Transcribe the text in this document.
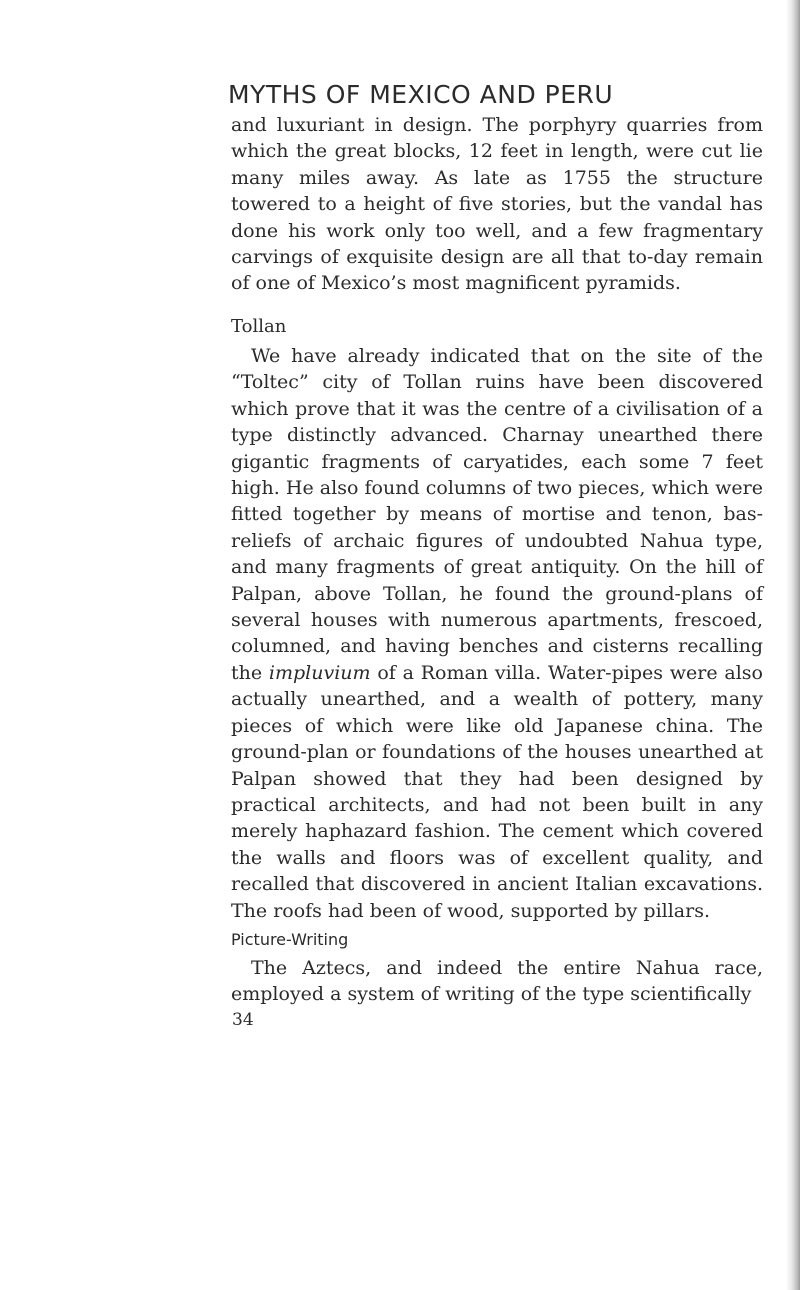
MYTHS OF MEXICO AND PERU

and luxuriant in design. The porphyry quarries from which the great blocks, 12 feet in length, were cut lie many miles away. As late as 1755 the structure towered to a height of five stories, but the vandal has done his work only too well, and a few fragmentary carvings of exquisite design are all that to-day remain of one of Mexico’s most magnificent pyramids.

Tollan

We have already indicated that on the site of the “Toltec” city of Tollan ruins have been discovered which prove that it was the centre of a civilisation of a type distinctly advanced. Charnay unearthed there gigantic fragments of caryatides, each some 7 feet high. He also found columns of two pieces, which were fitted together by means of mortise and tenon, bas-reliefs of archaic figures of undoubted Nahua type, and many fragments of great antiquity. On the hill of Palpan, above Tollan, he found the ground-plans of several houses with numerous apartments, frescoed, columned, and having benches and cisterns recalling the impluvium of a Roman villa. Water-pipes were also actually unearthed, and a wealth of pottery, many pieces of which were like old Japanese china. The ground-plan or foundations of the houses unearthed at Palpan showed that they had been designed by practical architects, and had not been built in any merely haphazard fashion. The cement which covered the walls and floors was of excellent quality, and recalled that discovered in ancient Italian excavations. The roofs had been of wood, supported by pillars.

Picture-Writing

The Aztecs, and indeed the entire Nahua race, employed a system of writing of the type scientifically

34
